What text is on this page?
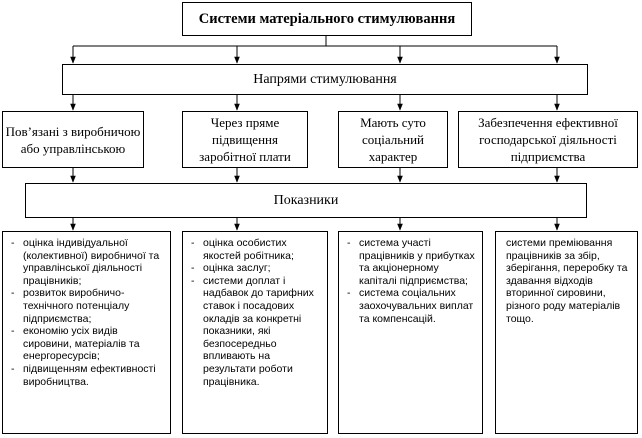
Системи матеріального стимулювання
Напрями стимулювання
Пов’язані з виробничою або управлінською
Через пряме підвищення заробітної плати
Мають суто соціальний характер
Забезпечення ефективної господарської діяльності підприємства
Показники
- оцінка індивідуальної (колективної) виробничої та управлінської діяльності працівників;
- розвиток виробничо-технічного потенціалу підприємства;
- економію усіх видів сировини, матеріалів та енергоресурсів;
- підвищенням ефективності виробництва.
- оцінка особистих якостей робітника;
- оцінка заслуг;
- системи доплат і надбавок до тарифних ставок і посадових окладів за конкретні показники, які безпосередньо впливають на результати роботи працівника.
- система участі працівників у прибутках та акціонерному капіталі підприємства;
- система соціальних заохочувальних виплат та компенсацій.
системи преміювання працівників за збір, зберігання, переробку та здавання відходів вторинної сировини, різного роду матеріалів тощо.
